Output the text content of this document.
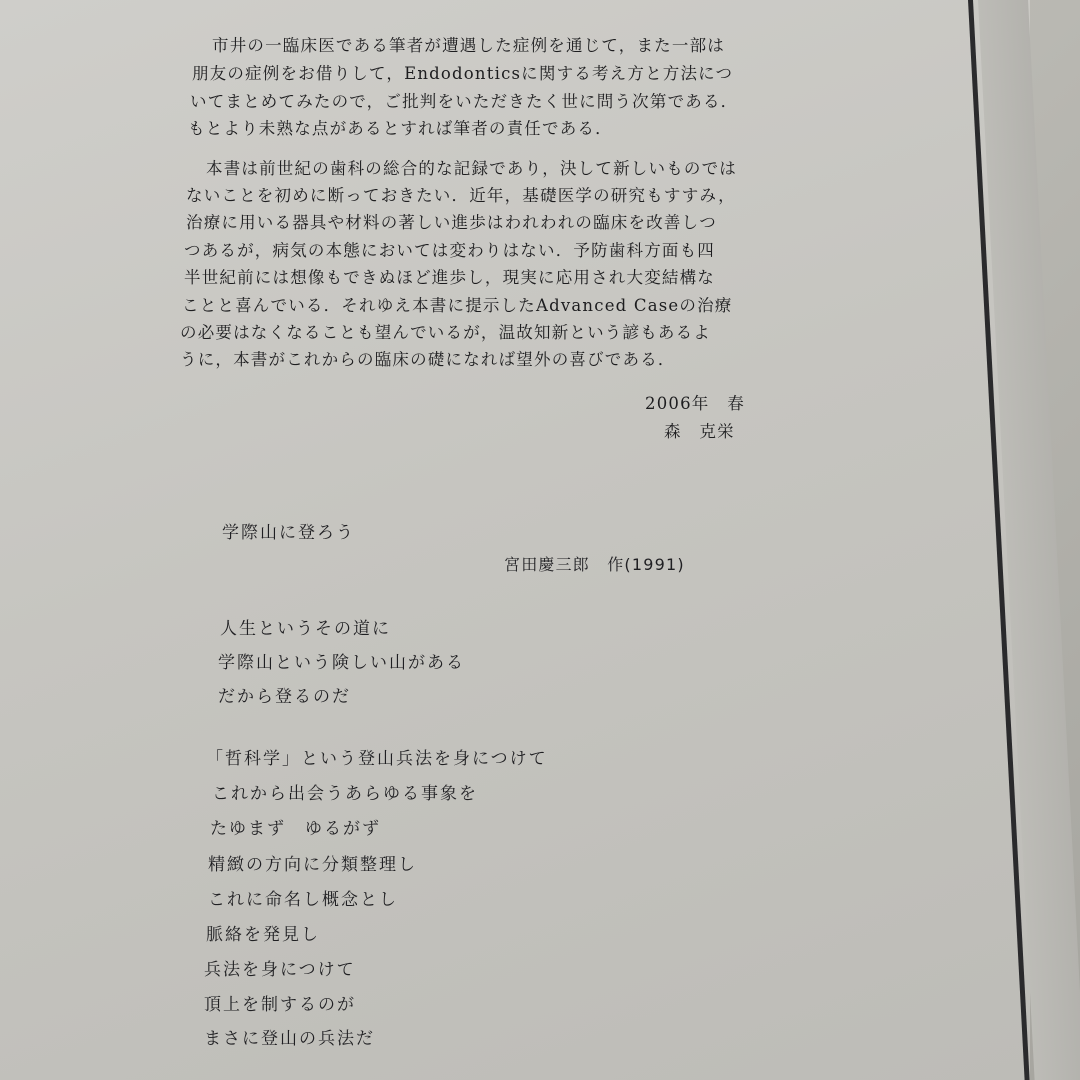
市井の一臨床医である筆者が遭遇した症例を通じて，また一部は
朋友の症例をお借りして，Endodonticsに関する考え方と方法につ
いてまとめてみたので，ご批判をいただきたく世に問う次第である．
もとより未熟な点があるとすれば筆者の責任である．
本書は前世紀の歯科の総合的な記録であり，決して新しいものでは
ないことを初めに断っておきたい．近年，基礎医学の研究もすすみ，
治療に用いる器具や材料の著しい進歩はわれわれの臨床を改善しつ
つあるが，病気の本態においては変わりはない．予防歯科方面も四
半世紀前には想像もできぬほど進歩し，現実に応用され大変結構な
ことと喜んでいる．それゆえ本書に提示したAdvanced Caseの治療
の必要はなくなることも望んでいるが，温故知新という諺もあるよ
うに，本書がこれからの臨床の礎になれば望外の喜びである．
2006年　春
森　克栄
学際山に登ろう
宮田慶三郎　作(1991)
人生というその道に
学際山という険しい山がある
だから登るのだ
「哲科学」という登山兵法を身につけて
これから出会うあらゆる事象を
たゆまず　ゆるがず
精緻の方向に分類整理し
これに命名し概念とし
脈絡を発見し
兵法を身につけて
頂上を制するのが
まさに登山の兵法だ
